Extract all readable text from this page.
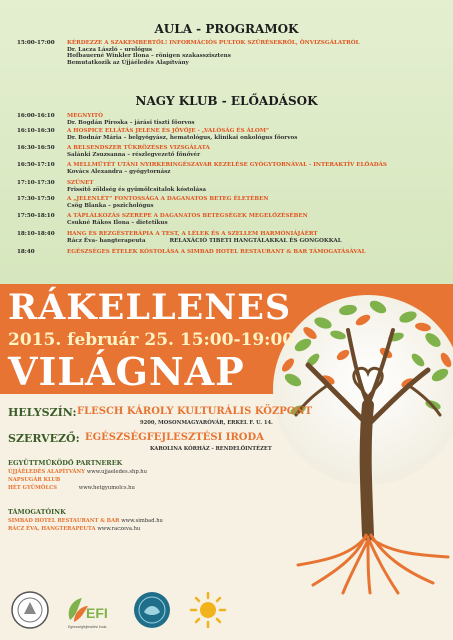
AULA - PROGRAMOK
15:00-17:00 KÉRDEZZE A SZAKEMBERTŐL! INFORMÁCIÓS PULTOK SZŰRÉSEKRŐL, ÖNVIZSGÁLATRÓL
Dr. Lacza László – urológus
Hofbauerné Winkler Ilona – rönigen szakasszisztens
Bemutatkozik az Újjáéledés Alapítvány
NAGY KLUB - ELŐADÁSOK
16:00-16:10 MEGNYITÓ
Dr. Bogdán Piroska – járási tiszti főorvos
16:10-16:30 A HOSPICE ELLÁTÁS JELENE ÉS JÖVŐJE - „VALÓSÁG ÉS ÁLOM”
Dr. Bodnár Mária – belgyógyász, hematológus, klinikai onkológus főorvos
16:30-16:50 A BELSENDSZER TÜKRÖZÉSES VIZSGÁLATA
Salánki Zsuzsanna – részlegvezető főnővér
16:50-17:10 A MELLMŰTÉT UTÁNI NYIRKERINGÉSZAVAR KEZELÉSE GYÓGYTORNÁVAL - INTERAKTÍV ELŐADÁS
Kovács Alexandra – gyógytornász
17:10-17:30 SZÜNET
Frissítő zöldség és gyümölcsitalok kóstolása
17:30-17:50 A „JELENLÉT” FONTOSSÁGA A DAGANATOS BETEG ÉLETÉBEN
Csög Blanka – pszichológus
17:50-18:10 A TÁPLÁLKOZÁS SZEREPE A DAGANATOS BETEGSÉGEK MEGELŐZÉSÉBEN
Csukné Rákos Ilona – dietetikus
18:10-18:40 HANG ÉS REZGÉSTERÁPIA A TEST, A LÉLEK ÉS A SZELLEM HARMÓNIÁJÁÉRT
Rácz Éva- hangterapeuta	RELAXÁCIÓ TIBETI HANGTÁLAKKAL ÉS GONGOKKAL
18:40	EGÉSZSÉGES ÉTELEK KÓSTOLÁSA A SIMBAD HOTEL RESTAURANT & BAR TÁMOGATÁSÁVAL
RÁKELLENES
2015. február 25. 15:00-19:00
VILÁGNAP
HELYSZÍN: FLESCH KÁROLY KULTURÁLIS KÖZPONT
9200, MOSONMAGYARÓVÁR, ERKEL F. U. 14.
SZERVEZŐ: EGÉSZSÉGFEJLESZTÉSI IRODA
KAROLINA KÓRHÁZ - RENDELŐINTÉZET
EGYÜTTMŰKÖDŐ PARTNEREK
ÚJJÁÉLEDÉS ALAPÍTVÁNY www.ujjaeledes.shp.hu
NAPSUGÁR KLUB
HÉT GYÜMÖLCS	www.hetgyumolcs.hu
TÁMOGATÓINK
SIMBAD HOTEL RESTAURANT & BAR www.simbad.hu
RÁCZ ÉVA, HANGTERAPEUTA www.raczeva.hu
EFI
Egészségfejlesztési Iroda
